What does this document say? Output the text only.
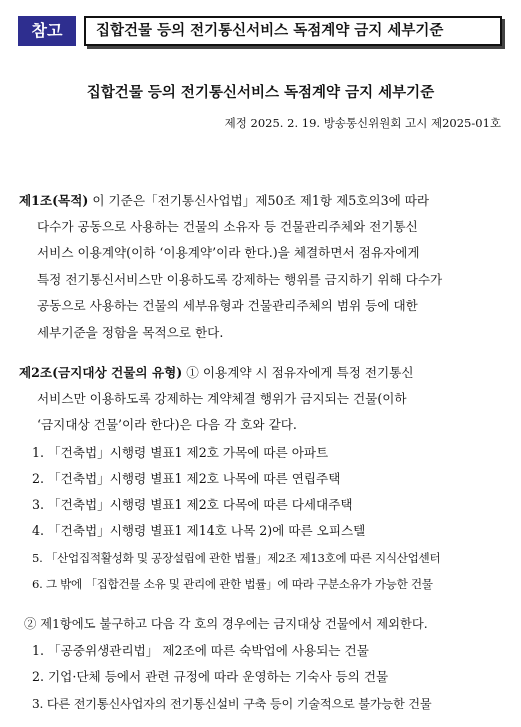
참고	집합건물 등의 전기통신서비스 독점계약 금지 세부기준
집합건물 등의 전기통신서비스 독점계약 금지 세부기준
제정 2025. 2. 19. 방송통신위원회 고시 제2025-01호
제1조(목적) 이 기준은「전기통신사업법」제50조 제1항 제5호의3에 따라
다수가 공동으로 사용하는 건물의 소유자 등 건물관리주체와 전기통신
서비스 이용계약(이하 ‘이용계약’이라 한다.)을 체결하면서 점유자에게
특정 전기통신서비스만 이용하도록 강제하는 행위를 금지하기 위해 다수가
공동으로 사용하는 건물의 세부유형과 건물관리주체의 범위 등에 대한
세부기준을 정함을 목적으로 한다.
제2조(금지대상 건물의 유형) ① 이용계약 시 점유자에게 특정 전기통신
서비스만 이용하도록 강제하는 계약체결 행위가 금지되는 건물(이하
‘금지대상 건물’이라 한다)은 다음 각 호와 같다.
1. 「건축법」시행령 별표1 제2호 가목에 따른 아파트
2. 「건축법」시행령 별표1 제2호 나목에 따른 연립주택
3. 「건축법」시행령 별표1 제2호 다목에 따른 다세대주택
4. 「건축법」시행령 별표1 제14호 나목 2)에 따른 오피스텔
5. 「산업집적활성화 및 공장설립에 관한 법률」제2조 제13호에 따른 지식산업센터
6. 그 밖에 「집합건물 소유 및 관리에 관한 법률」에 따라 구분소유가 가능한 건물
② 제1항에도 불구하고 다음 각 호의 경우에는 금지대상 건물에서 제외한다.
1. 「공중위생관리법」 제2조에 따른 숙박업에 사용되는 건물
2. 기업·단체 등에서 관련 규정에 따라 운영하는 기숙사 등의 건물
3. 다른 전기통신사업자의 전기통신설비 구축 등이 기술적으로 불가능한 건물
